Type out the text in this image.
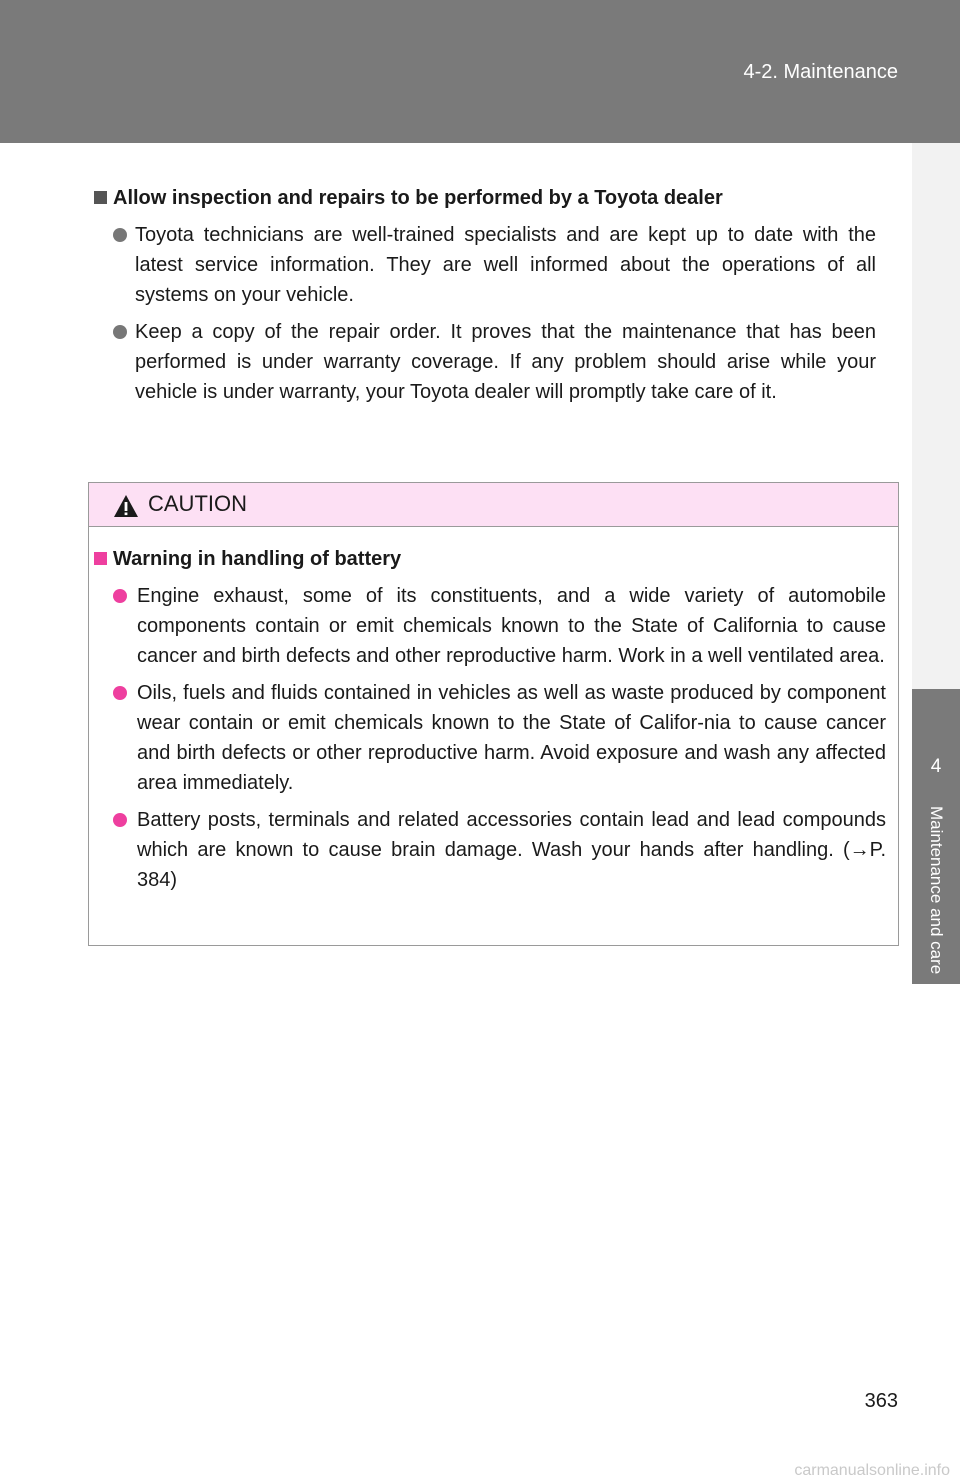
4-2. Maintenance
4
Maintenance and care
Allow inspection and repairs to be performed by a Toyota dealer
Toyota technicians are well-trained specialists and are kept up to date with the latest service information. They are well informed about the operations of all systems on your vehicle.
Keep a copy of the repair order. It proves that the maintenance that has been performed is under warranty coverage. If any problem should arise while your vehicle is under warranty, your Toyota dealer will promptly take care of it.
CAUTION
Warning in handling of battery
Engine exhaust, some of its constituents, and a wide variety of automobile components contain or emit chemicals known to the State of California to cause cancer and birth defects and other reproductive harm. Work in a well ventilated area.
Oils, fuels and fluids contained in vehicles as well as waste produced by component wear contain or emit chemicals known to the State of Califor-nia to cause cancer and birth defects or other reproductive harm. Avoid exposure and wash any affected area immediately.
Battery posts, terminals and related accessories contain lead and lead compounds which are known to cause brain damage. Wash your hands after handling. (→P. 384)
363
carmanualsonline.info
